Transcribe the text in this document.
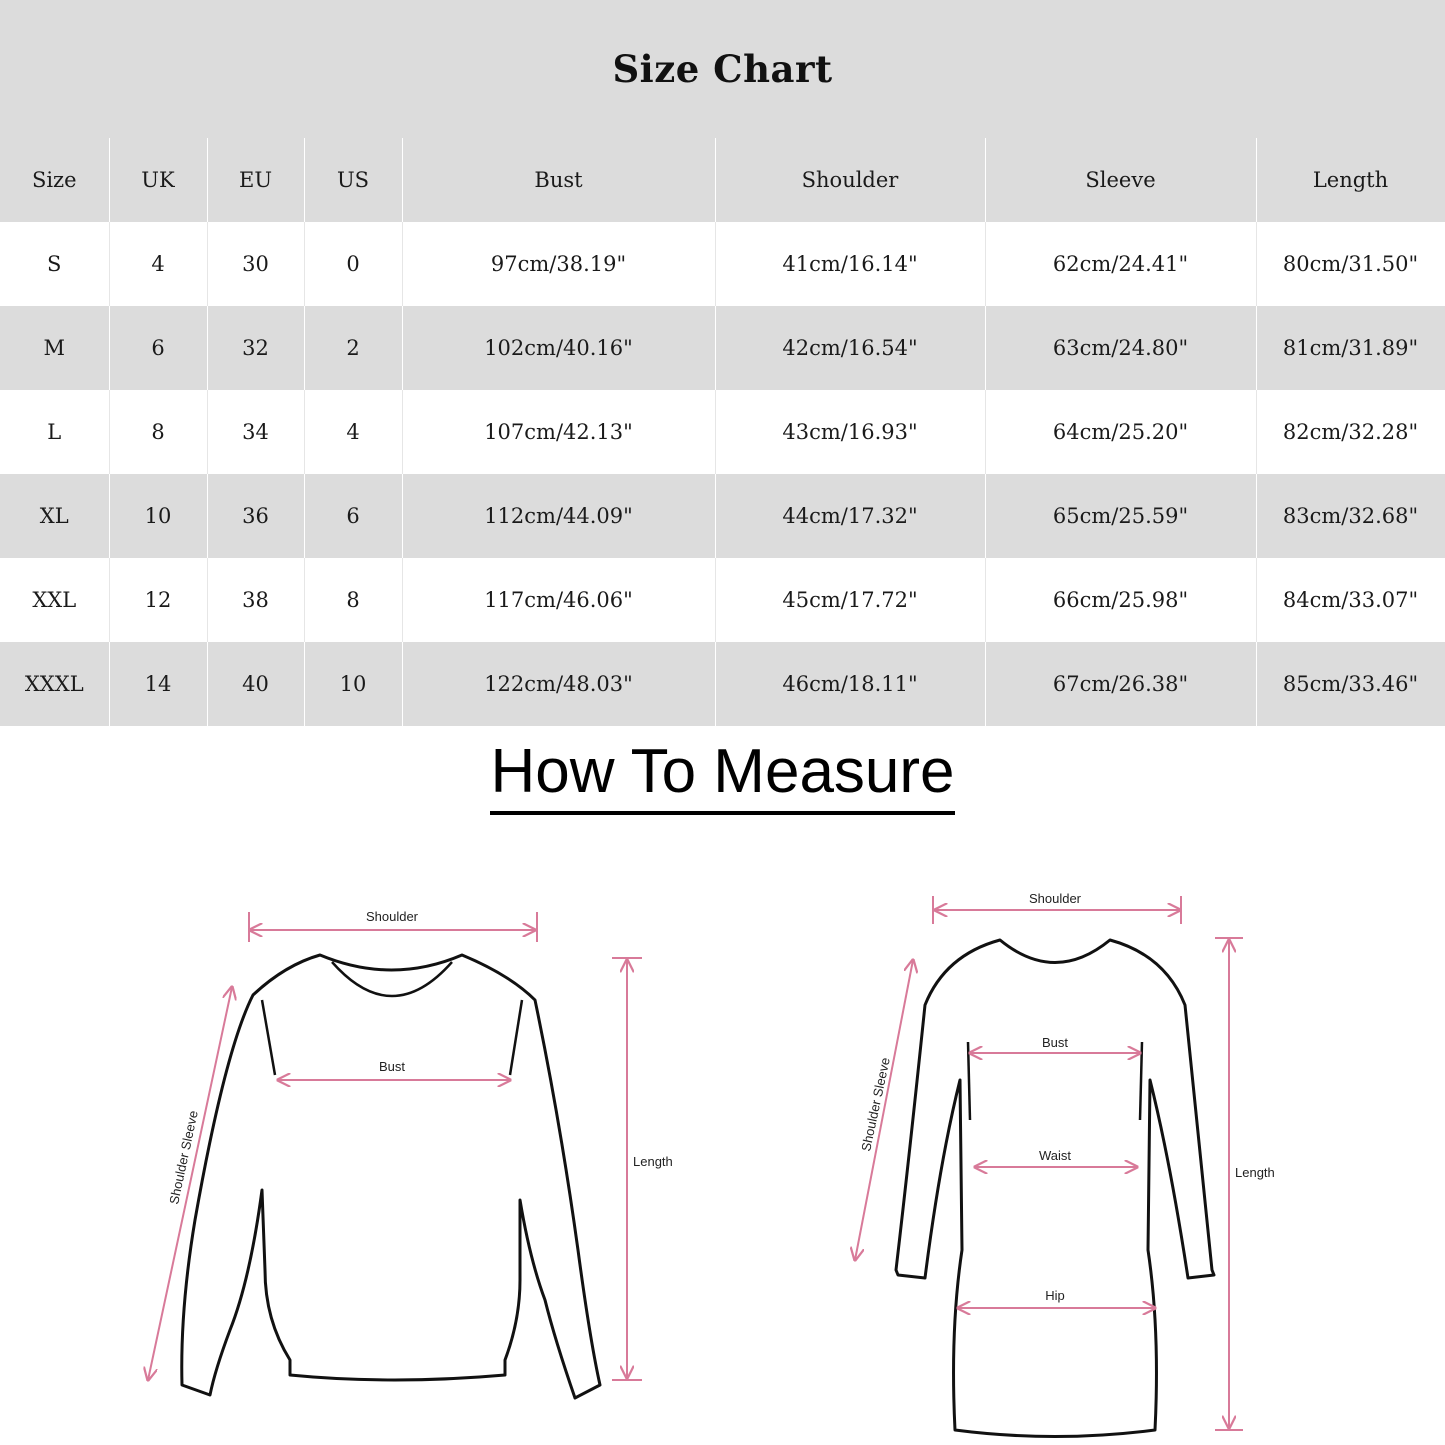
Size Chart
Size	UK	EU	US	Bust	Shoulder	Sleeve	Length
S	4	30	0	97cm/38.19"	41cm/16.14"	62cm/24.41"	80cm/31.50"
M	6	32	2	102cm/40.16"	42cm/16.54"	63cm/24.80"	81cm/31.89"
L	8	34	4	107cm/42.13"	43cm/16.93"	64cm/25.20"	82cm/32.28"
XL	10	36	6	112cm/44.09"	44cm/17.32"	65cm/25.59"	83cm/32.68"
XXL	12	38	8	117cm/46.06"	45cm/17.72"	66cm/25.98"	84cm/33.07"
XXXL	14	40	10	122cm/48.03"	46cm/18.11"	67cm/26.38"	85cm/33.46"
How To Measure
Shoulder
Bust
Shoulder Sleeve	Length
Shoulder
Bust
Waist
Hip
Shoulder Sleeve
Length
